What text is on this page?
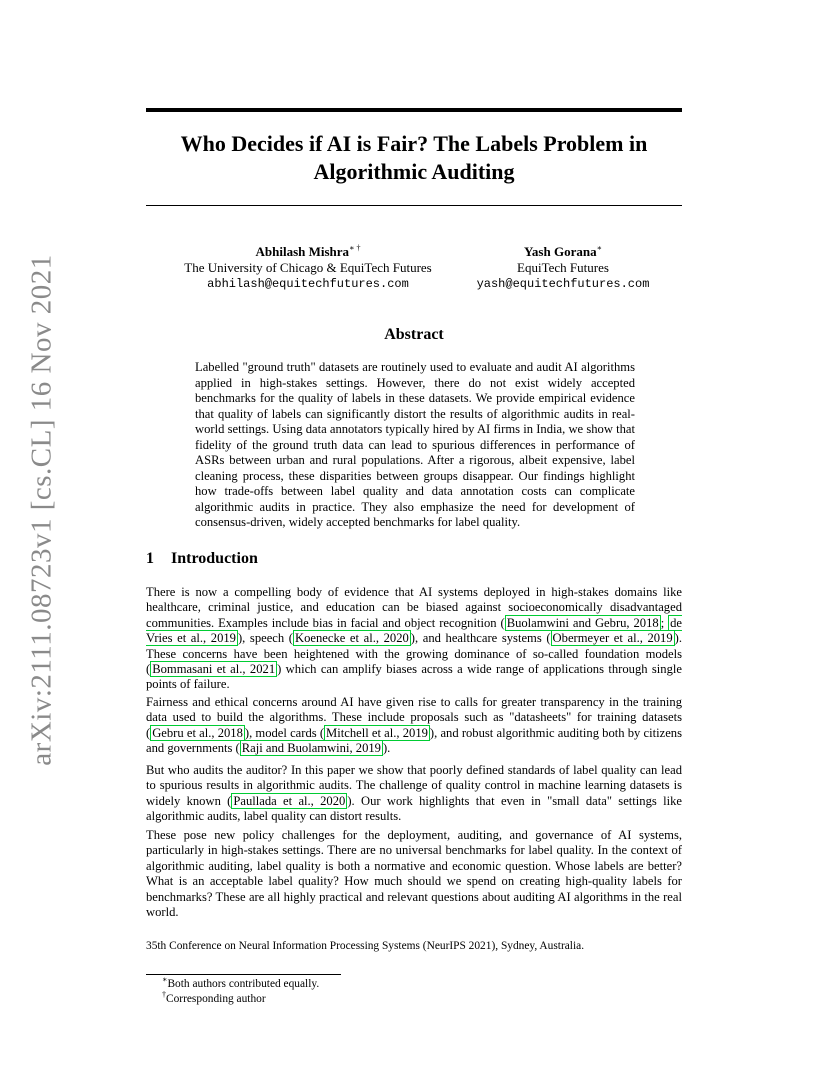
arXiv:2111.08723v1 [cs.CL] 16 Nov 2021
Who Decides if AI is Fair? The Labels Problem in Algorithmic Auditing
Abhilash Mishra∗ †
The University of Chicago & EquiTech Futures
abhilash@equitechfutures.com
Yash Gorana∗
EquiTech Futures
yash@equitechfutures.com
Abstract
Labelled "ground truth" datasets are routinely used to evaluate and audit AI algorithms applied in high-stakes settings. However, there do not exist widely accepted benchmarks for the quality of labels in these datasets. We provide empirical evidence that quality of labels can significantly distort the results of algorithmic audits in real-world settings. Using data annotators typically hired by AI firms in India, we show that fidelity of the ground truth data can lead to spurious differences in performance of ASRs between urban and rural populations. After a rigorous, albeit expensive, label cleaning process, these disparities between groups disappear. Our findings highlight how trade-offs between label quality and data annotation costs can complicate algorithmic audits in practice. They also emphasize the need for development of consensus-driven, widely accepted benchmarks for label quality.
1 Introduction
There is now a compelling body of evidence that AI systems deployed in high-stakes domains like healthcare, criminal justice, and education can be biased against socioeconomically disadvantaged communities. Examples include bias in facial and object recognition ( Buolamwini and Gebru, 2018 ; de Vries et al., 2019 ), speech ( Koenecke et al., 2020 ), and healthcare systems ( Obermeyer et al., 2019 ). These concerns have been heightened with the growing dominance of so-called foundation models ( Bommasani et al., 2021 ) which can amplify biases across a wide range of applications through single points of failure.
Fairness and ethical concerns around AI have given rise to calls for greater transparency in the training data used to build the algorithms. These include proposals such as "datasheets" for training datasets ( Gebru et al., 2018 ), model cards ( Mitchell et al., 2019 ), and robust algorithmic auditing both by citizens and governments ( Raji and Buolamwini, 2019 ).
But who audits the auditor? In this paper we show that poorly defined standards of label quality can lead to spurious results in algorithmic audits. The challenge of quality control in machine learning datasets is widely known ( Paullada et al., 2020 ). Our work highlights that even in "small data" settings like algorithmic audits, label quality can distort results.
These pose new policy challenges for the deployment, auditing, and governance of AI systems, particularly in high-stakes settings. There are no universal benchmarks for label quality. In the context of algorithmic auditing, label quality is both a normative and economic question. Whose labels are better? What is an acceptable label quality? How much should we spend on creating high-quality labels for benchmarks? These are all highly practical and relevant questions about auditing AI algorithms in the real world.
35th Conference on Neural Information Processing Systems (NeurIPS 2021), Sydney, Australia.
∗Both authors contributed equally.
†Corresponding author
